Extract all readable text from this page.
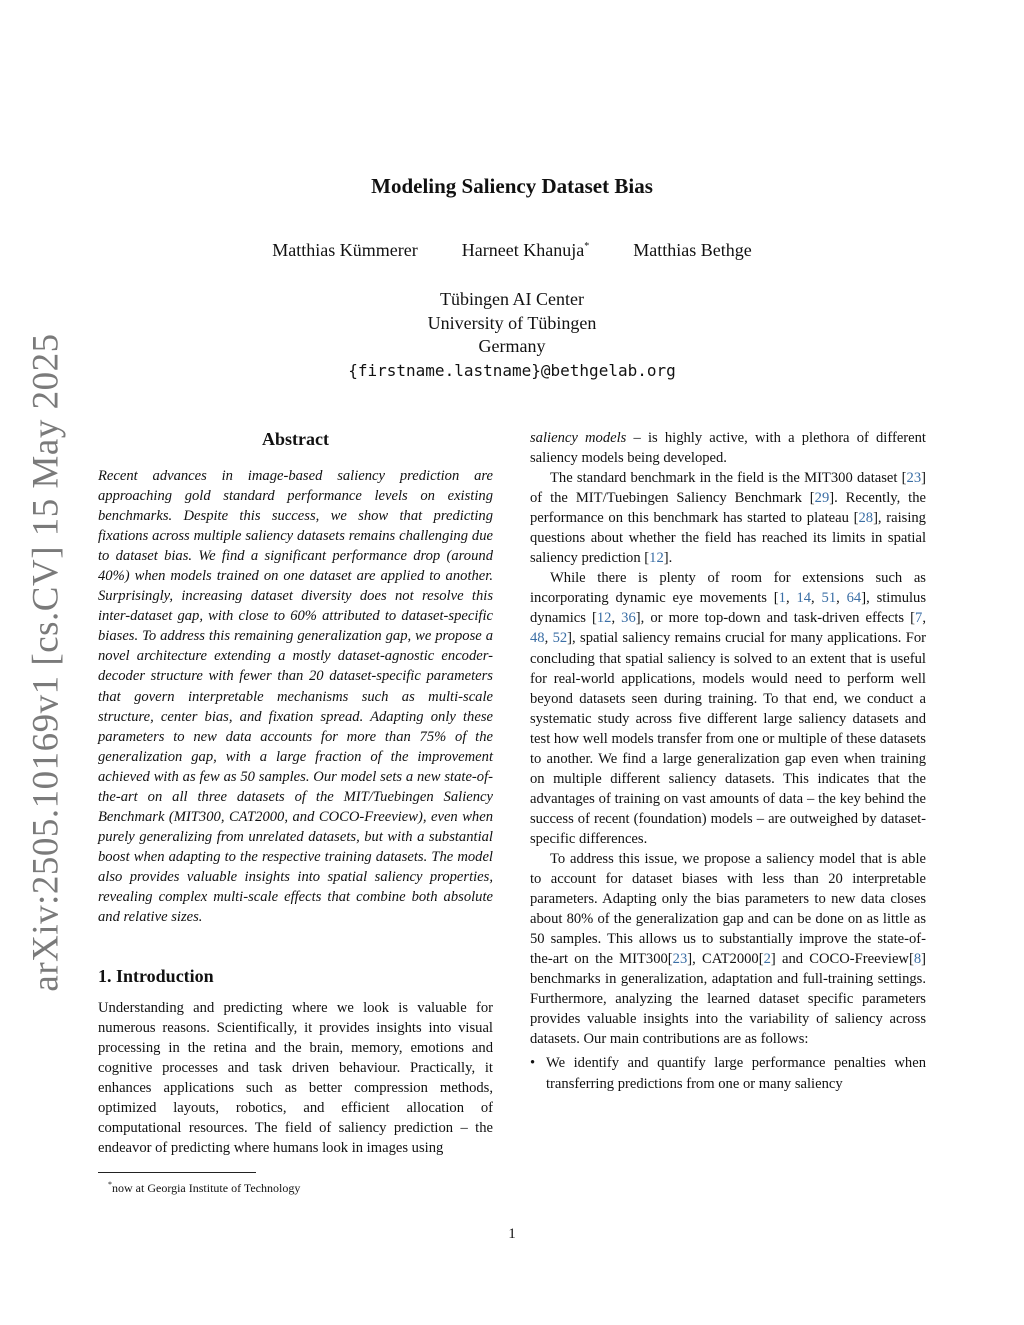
arXiv:2505.10169v1 [cs.CV] 15 May 2025
Modeling Saliency Dataset Bias
Matthias Kümmerer Harneet Khanuja* Matthias Bethge
Tübingen AI Center
University of Tübingen
Germany
{firstname.lastname}@bethgelab.org
Abstract

Recent advances in image-based saliency prediction are approaching gold standard performance levels on existing benchmarks. Despite this success, we show that predicting fixations across multiple saliency datasets remains challenging due to dataset bias. We find a significant performance drop (around 40%) when models trained on one dataset are applied to another. Surprisingly, increasing dataset diversity does not resolve this inter-dataset gap, with close to 60% attributed to dataset-specific biases. To address this remaining generalization gap, we propose a novel architecture extending a mostly dataset-agnostic encoder-decoder structure with fewer than 20 dataset-specific parameters that govern interpretable mechanisms such as multi-scale structure, center bias, and fixation spread. Adapting only these parameters to new data accounts for more than 75% of the generalization gap, with a large fraction of the improvement achieved with as few as 50 samples. Our model sets a new state-of-the-art on all three datasets of the MIT/Tuebingen Saliency Benchmark (MIT300, CAT2000, and COCO-Freeview), even when purely generalizing from unrelated datasets, but with a substantial boost when adapting to the respective training datasets. The model also provides valuable insights into spatial saliency properties, revealing complex multi-scale effects that combine both absolute and relative sizes.

1. Introduction

Understanding and predicting where we look is valuable for numerous reasons. Scientifically, it provides insights into visual processing in the retina and the brain, memory, emotions and cognitive processes and task driven behaviour. Practically, it enhances applications such as better compression methods, optimized layouts, robotics, and efficient allocation of computational resources. The field of saliency prediction – the endeavor of predicting where humans look in images using

saliency models – is highly active, with a plethora of different saliency models being developed.

The standard benchmark in the field is the MIT300 dataset [23] of the MIT/Tuebingen Saliency Benchmark [29]. Recently, the performance on this benchmark has started to plateau [28], raising questions about whether the field has reached its limits in spatial saliency prediction [12].

While there is plenty of room for extensions such as incorporating dynamic eye movements [1, 14, 51, 64], stimulus dynamics [12, 36], or more top-down and task-driven effects [7, 48, 52], spatial saliency remains crucial for many applications. For concluding that spatial saliency is solved to an extent that is useful for real-world applications, models would need to perform well beyond datasets seen during training. To that end, we conduct a systematic study across five different large saliency datasets and test how well models transfer from one or multiple of these datasets to another. We find a large generalization gap even when training on multiple different saliency datasets. This indicates that the advantages of training on vast amounts of data – the key behind the success of recent (foundation) models – are outweighed by dataset-specific differences.

To address this issue, we propose a saliency model that is able to account for dataset biases with less than 20 interpretable parameters. Adapting only the bias parameters to new data closes about 80% of the generalization gap and can be done on as little as 50 samples. This allows us to substantially improve the state-of-the-art on the MIT300[23], CAT2000[2] and COCO-Freeview[8] benchmarks in generalization, adaptation and full-training settings. Furthermore, analyzing the learned dataset specific parameters provides valuable insights into the variability of saliency across datasets. Our main contributions are as follows:

• We identify and quantify large performance penalties when transferring predictions from one or many saliency
*now at Georgia Institute of Technology
1
